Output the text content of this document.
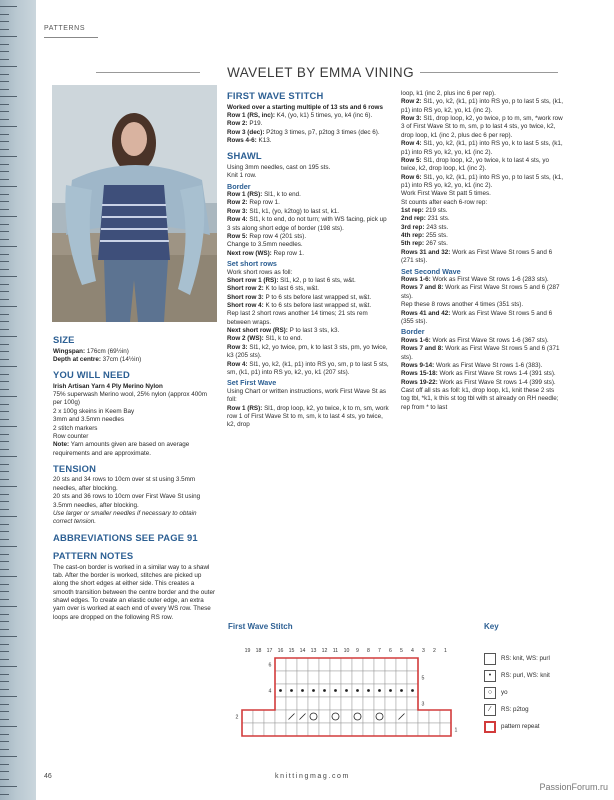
PATTERNS
WAVELET BY EMMA VINING
SIZE

Wingspan: 176cm (69½in)

Depth at centre: 37cm (14½in)

YOU WILL NEED

Irish Artisan Yarn 4 Ply Merino Nylon

75% superwash Merino wool, 25% nylon (approx 400m per 100g)

2 x 100g skeins in Keem Bay

3mm and 3.5mm needles

2 stitch markers

Row counter

Note: Yarn amounts given are based on average requirements and are approximate.

TENSION

20 sts and 34 rows to 10cm over st st using 3.5mm needles, after blocking.

20 sts and 36 rows to 10cm over First Wave St using 3.5mm needles, after blocking.

Use larger or smaller needles if necessary to obtain correct tension.

ABBREVIATIONS SEE PAGE 91
PATTERN NOTES

The cast-on border is worked in a similar way to a shawl tab. After the border is worked, stitches are picked up along the short edges at either side. This creates a smooth transition between the centre border and the outer shawl edges. To create an elastic outer edge, an extra yarn over is worked at each end of every WS row. These loops are dropped on the following RS row.

FIRST WAVE STITCH

Worked over a starting multiple of 13 sts and 6 rows

Row 1 (RS, inc): K4, (yo, k1) 5 times, yo, k4 (inc 6).

Row 2: P19.

Row 3 (dec): P2tog 3 times, p7, p2tog 3 times (dec 6).

Rows 4-6: K13.

SHAWL

Using 3mm needles, cast on 195 sts.

Knit 1 row.

Border

Row 1 (RS): Sl1, k to end.

Row 2: Rep row 1.

Row 3: Sl1, k1, (yo, k2tog) to last st, k1.

Row 4: Sl1, k to end, do not turn; with WS facing, pick up 3 sts along short edge of border (198 sts).

Row 5: Rep row 4 (201 sts).

Change to 3.5mm needles.

Next row (WS): Rep row 1.

Set short rows

Work short rows as foll:

Short row 1 (RS): Sl1, k2, p to last 6 sts, w&t.

Short row 2: K to last 6 sts, w&t.

Short row 3: P to 6 sts before last wrapped st, w&t.

Short row 4: K to 6 sts before last wrapped st, w&t.

Rep last 2 short rows another 14 times; 21 sts rem between wraps.

Next short row (RS): P to last 3 sts, k3.

Row 2 (WS): Sl1, k to end.

Row 3: Sl1, k2, yo twice, pm, k to last 3 sts, pm, yo twice, k3 (205 sts).

Row 4: Sl1, yo, k2, (k1, p1) into RS yo, sm, p to last 5 sts, sm, (k1, p1) into RS yo, k2, yo, k1 (207 sts).

Set First Wave

Using Chart or written instructions, work First Wave St as foll:

Row 1 (RS): Sl1, drop loop, k2, yo twice, k to m, sm, work row 1 of First Wave St to m, sm, k to last 4 sts, yo twice, k2, drop

loop, k1 (inc 2, plus inc 6 per rep).

Row 2: Sl1, yo, k2, (k1, p1) into RS yo, p to last 5 sts, (k1, p1) into RS yo, k2, yo, k1 (inc 2).

Row 3: Sl1, drop loop, k2, yo twice, p to m, sm, *work row 3 of First Wave St to m, sm, p to last 4 sts, yo twice, k2, drop loop, k1 (inc 2, plus dec 6 per rep).

Row 4: Sl1, yo, k2, (k1, p1) into RS yo, k to last 5 sts, (k1, p1) into RS yo, k2, yo, k1 (inc 2).

Row 5: Sl1, drop loop, k2, yo twice, k to last 4 sts, yo twice, k2, drop loop, k1 (inc 2).

Row 6: Sl1, yo, k2, (k1, p1) into RS yo, p to last 5 sts, (k1, p1) into RS yo, k2, yo, k1 (inc 2).

Work First Wave St patt 5 times.

St counts after each 6-row rep:

1st rep: 219 sts.

2nd rep: 231 sts.

3rd rep: 243 sts.

4th rep: 255 sts.

5th rep: 267 sts.

Rows 31 and 32: Work as First Wave St rows 5 and 6 (271 sts).

Set Second Wave

Rows 1-6: Work as First Wave St rows 1-6 (283 sts).

Rows 7 and 8: Work as First Wave St rows 5 and 6 (287 sts).

Rep these 8 rows another 4 times (351 sts).

Rows 41 and 42: Work as First Wave St rows 5 and 6 (355 sts).

Border

Rows 1-6: Work as First Wave St rows 1-6 (367 sts).

Rows 7 and 8: Work as First Wave St rows 5 and 6 (371 sts).

Rows 9-14: Work as First Wave St rows 1-6 (383).

Rows 15-18: Work as First Wave St rows 1-4 (391 sts).

Rows 19-22: Work as First Wave St rows 1-4 (399 sts).

Cast off all sts as foll: k1, drop loop, k1, knit these 2 sts tog tbl, *k1, k this st tog tbl with st already on RH needle; rep from * to last

First Wave Stitch
19 18 17 16 15 14 13 12 11 10 9 8 7 6 5 4 3 2 1
6
5
4
3
2
1
Key
RS: knit, WS: purl
•	RS: purl, WS: knit
○	yo
⁄	RS: p2tog
pattern repeat
46	knittingmag.com
PassionForum.ru
